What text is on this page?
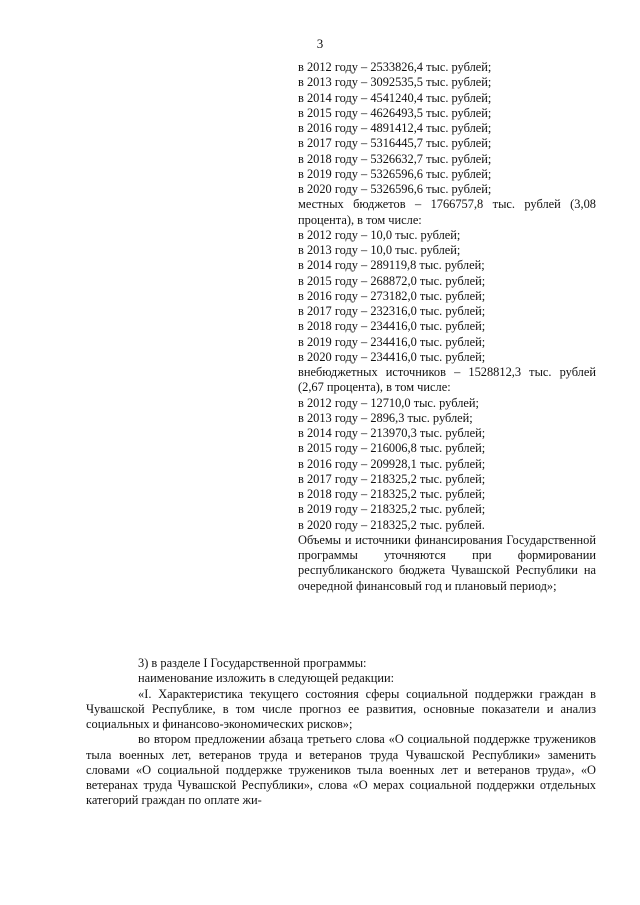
3
в 2012 году – 2533826,4 тыс. рублей;
в 2013 году – 3092535,5 тыс. рублей;
в 2014 году – 4541240,4 тыс. рублей;
в 2015 году – 4626493,5 тыс. рублей;
в 2016 году – 4891412,4 тыс. рублей;
в 2017 году – 5316445,7 тыс. рублей;
в 2018 году – 5326632,7 тыс. рублей;
в 2019 году – 5326596,6 тыс. рублей;
в 2020 году – 5326596,6 тыс. рублей;
местных бюджетов – 1766757,8 тыс. рублей (3,08 процента), в том числе:
в 2012 году – 10,0 тыс. рублей;
в 2013 году – 10,0 тыс. рублей;
в 2014 году – 289119,8 тыс. рублей;
в 2015 году – 268872,0 тыс. рублей;
в 2016 году – 273182,0 тыс. рублей;
в 2017 году – 232316,0 тыс. рублей;
в 2018 году – 234416,0 тыс. рублей;
в 2019 году – 234416,0 тыс. рублей;
в 2020 году – 234416,0 тыс. рублей;
внебюджетных источников – 1528812,3 тыс. рублей (2,67 процента), в том числе:
в 2012 году – 12710,0 тыс. рублей;
в 2013 году – 2896,3 тыс. рублей;
в 2014 году – 213970,3 тыс. рублей;
в 2015 году – 216006,8 тыс. рублей;
в 2016 году – 209928,1 тыс. рублей;
в 2017 году – 218325,2 тыс. рублей;
в 2018 году – 218325,2 тыс. рублей;
в 2019 году – 218325,2 тыс. рублей;
в 2020 году – 218325,2 тыс. рублей.
Объемы и источники финансирования Государственной программы уточняются при формировании республиканского бюджета Чувашской Республики на очередной финансовый год и плановый период»;
3) в разделе I Государственной программы:
наименование изложить в следующей редакции:
«I. Характеристика текущего состояния сферы социальной поддержки граждан в Чувашской Республике, в том числе прогноз ее развития, основные показатели и анализ социальных и финансово-экономических рисков»;
во втором предложении абзаца третьего слова «О социальной поддержке тружеников тыла военных лет, ветеранов труда и ветеранов труда Чувашской Республики» заменить словами «О социальной поддержке тружеников тыла военных лет и ветеранов труда», «О ветеранах труда Чувашской Республики», слова «О мерах социальной поддержки отдельных категорий граждан по оплате жи-
